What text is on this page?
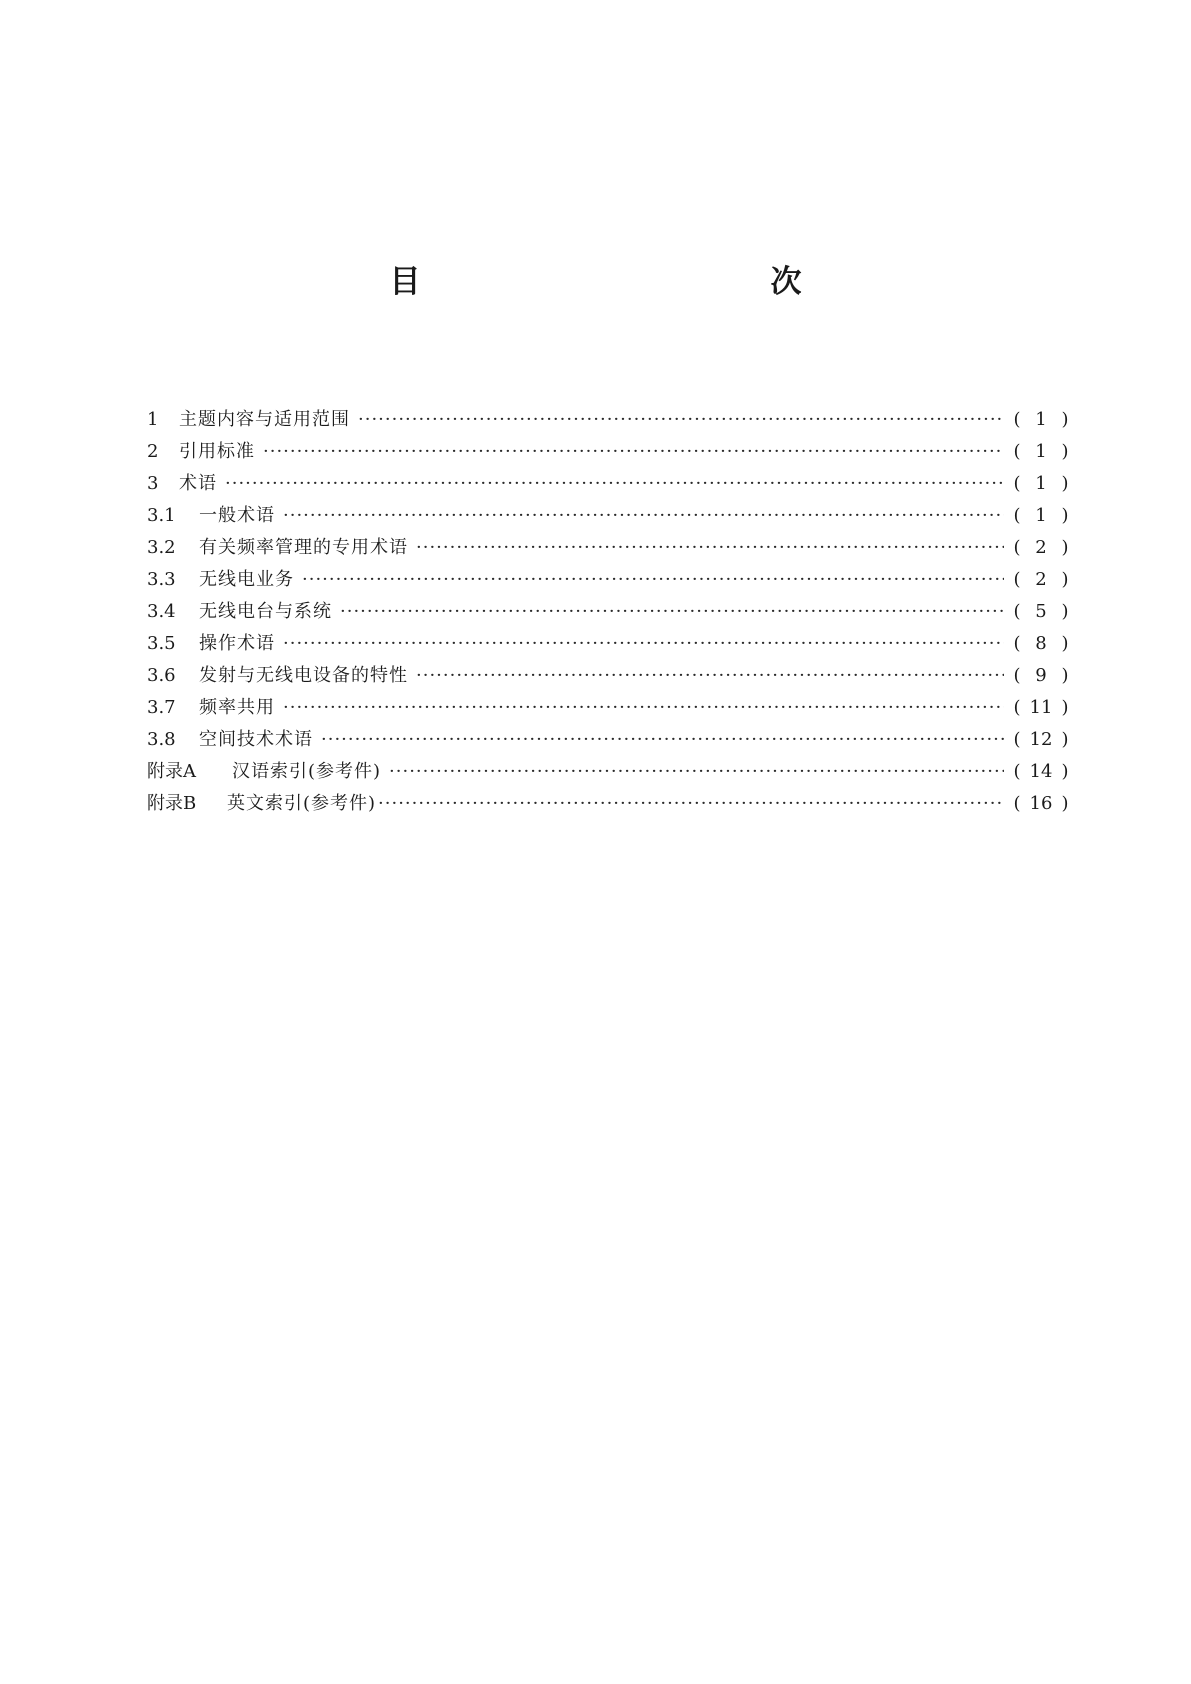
目　　次
1	主题内容与适用范围 ·····	( 1 )
2	引用标准 ·····	( 1 )
3	术语 ·····	( 1 )
3.1	一般术语 ·····	( 1 )
3.2	有关频率管理的专用术语 ·····	( 2 )
3.3	无线电业务 ·····	( 2 )
3.4	无线电台与系统 ·····	( 5 )
3.5	操作术语 ·····	( 8 )
3.6	发射与无线电设备的特性 ·····	( 9 )
3.7	频率共用 ·····	( 11 )
3.8	空间技术术语 ·····	( 12 )
附录A	汉语索引(参考件) ·····	( 14 )
附录B	英文索引(参考件) ·····	( 16 )
